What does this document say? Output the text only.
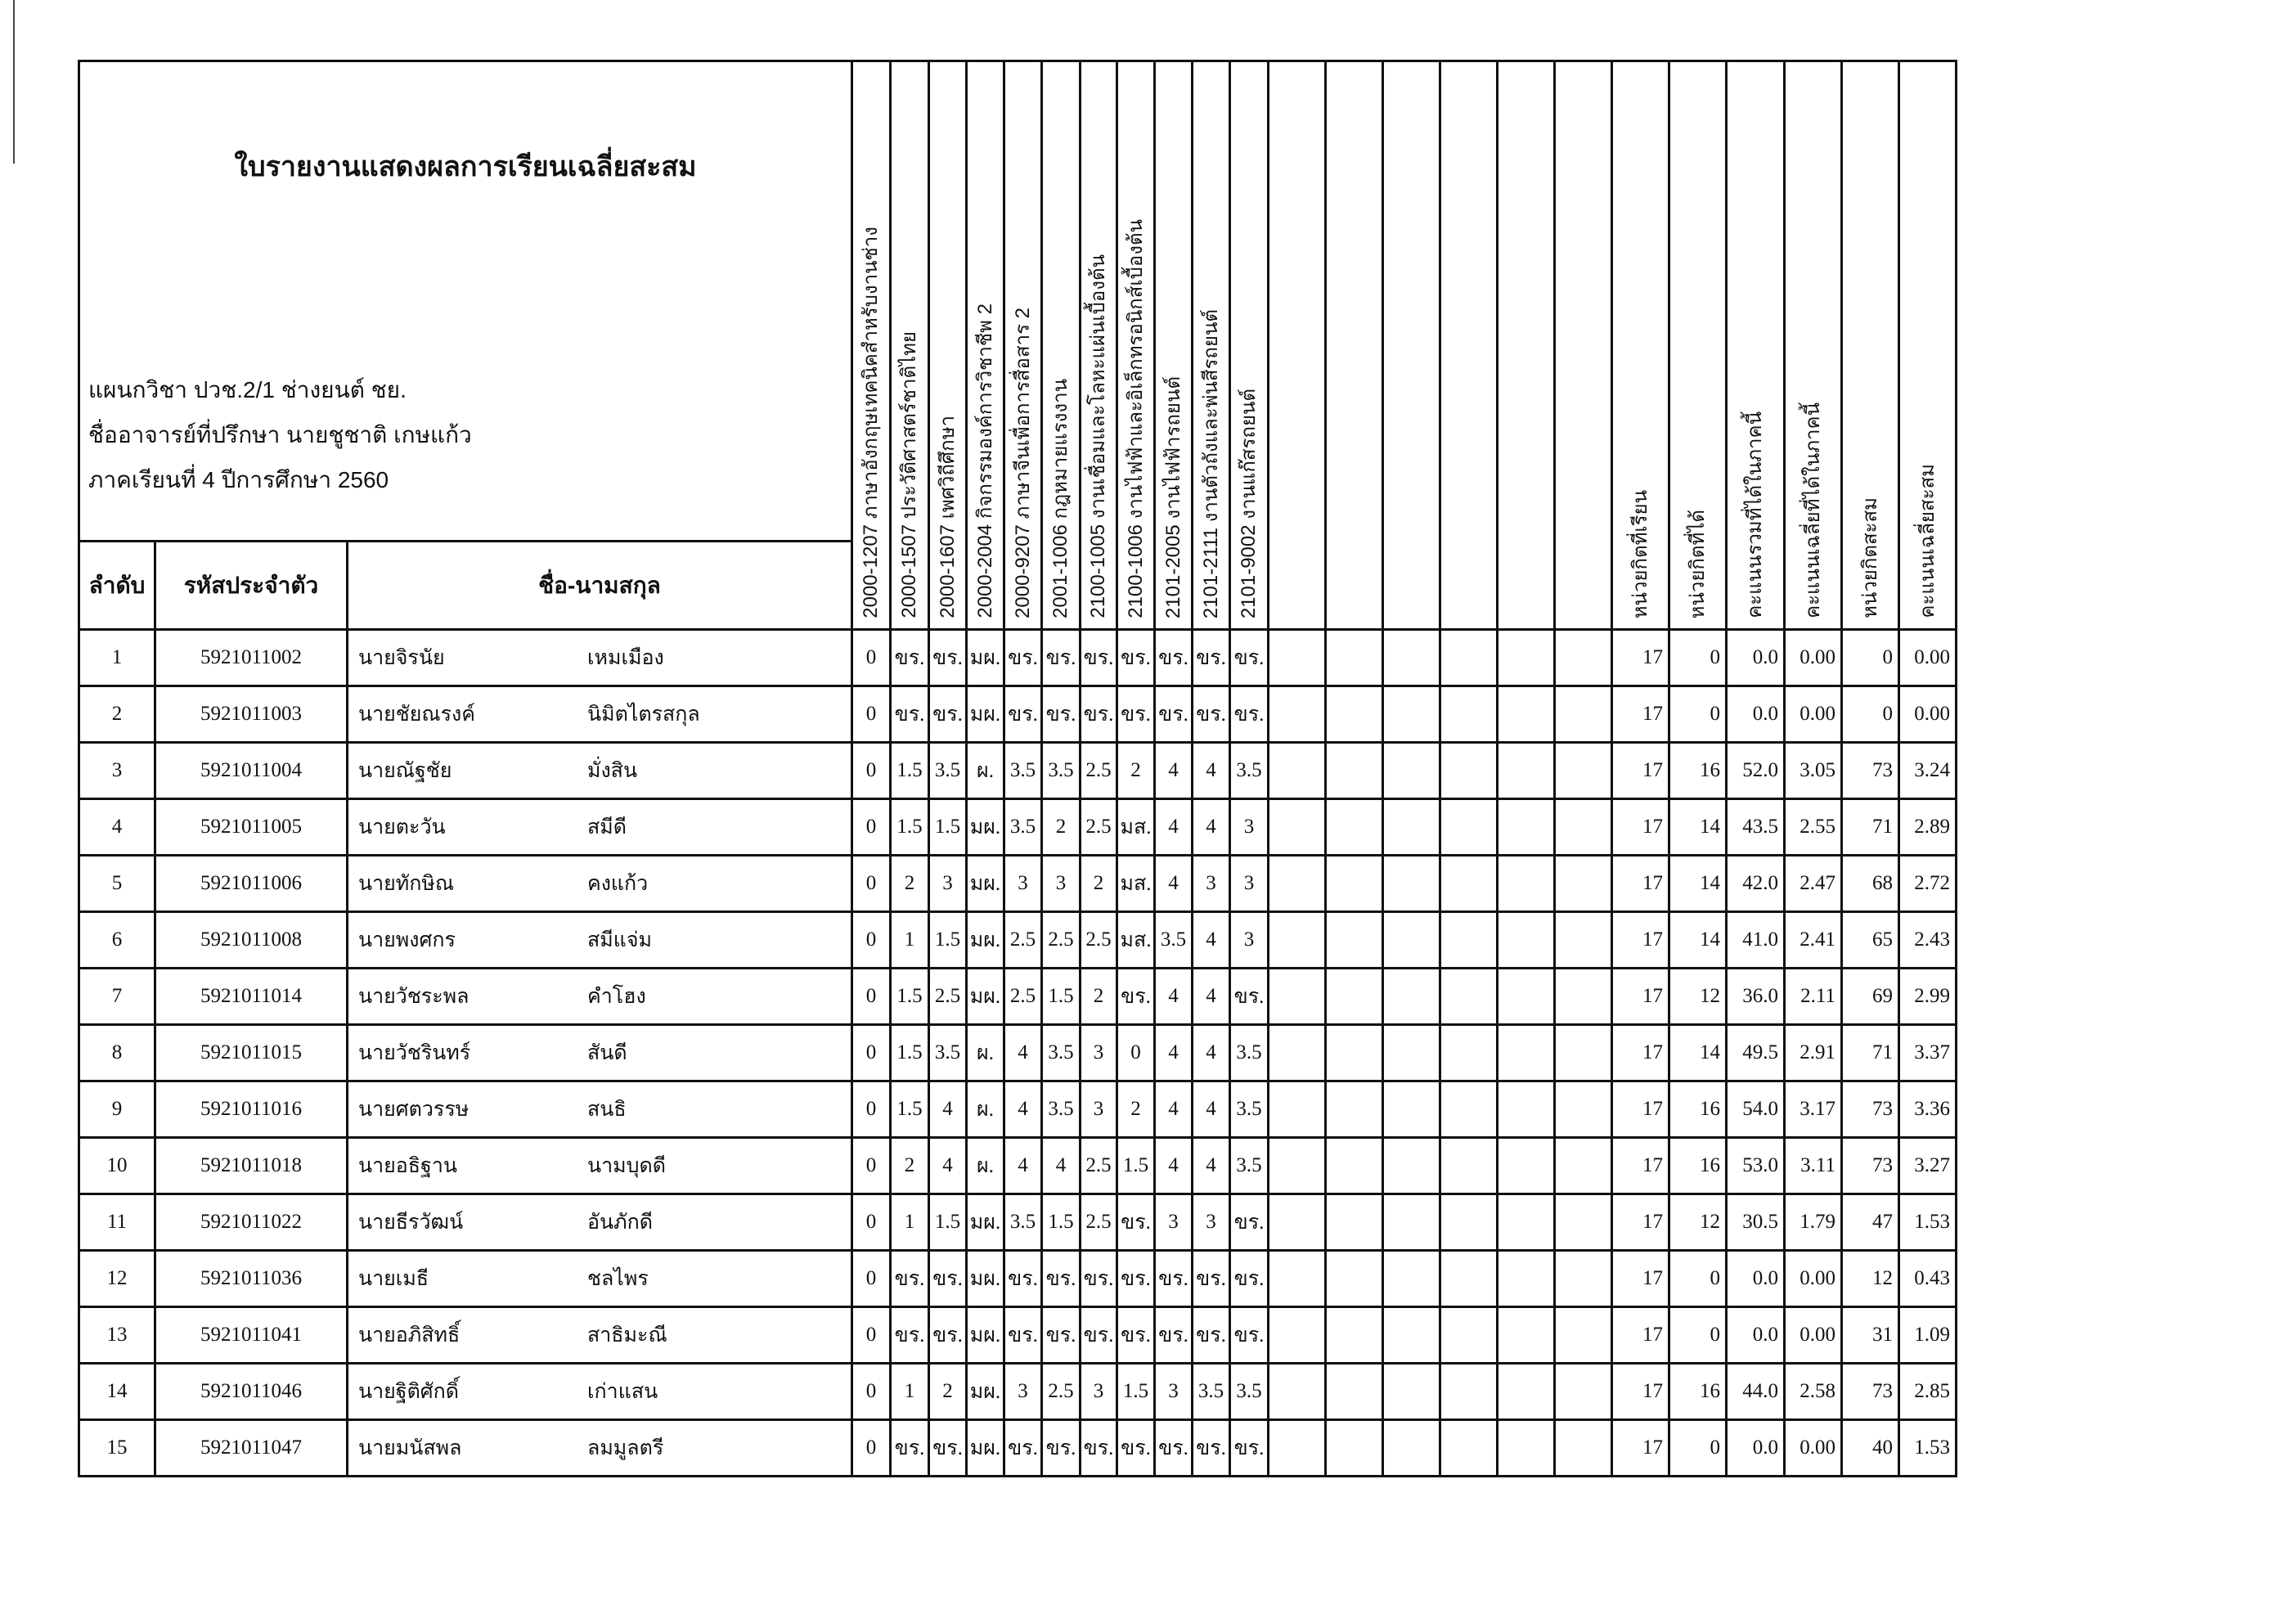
ใบรายงานแสดงผลการเรียนเฉลี่ยสะสม
แผนกวิชา ปวช.2/1 ช่างยนต์ ชย.
ชื่ออาจารย์ที่ปรึกษา นายชูชาติ เกษแก้ว
ภาคเรียนที่ 4 ปีการศึกษา 2560			2000-1207 ภาษาอังกฤษเทคนิคสำหรับงานช่าง	2000-1507 ประวัติศาสตร์ชาติไทย	2000-1607 เพศวิถีศึกษา	2000-2004 กิจกรรมองค์การวิชาชีพ 2	2000-9207 ภาษาจีนเพื่อการสื่อสาร 2	2001-1006 กฎหมายแรงงาน	2100-1005 งานเชื่อมและโลหะแผ่นเบื้องต้น	2100-1006 งานไฟฟ้าและอิเล็กทรอนิกส์เบื้องต้น	2101-2005 งานไฟฟ้ารถยนต์	2101-2111 งานตัวถังและพ่นสีรถยนต์	2101-9002 งานแก๊สรถยนต์							หน่วยกิตที่เรียน	หน่วยกิตที่ได้	คะแนนรวมที่ได้ในภาคนี้	คะแนนเฉลี่ยที่ได้ในภาคนี้	หน่วยกิตสะสม	คะแนนเฉลี่ยสะสม

ลำดับ	รหัสประจำตัว	ชื่อ-นามสกุล																							
1	5921011002	นายจิรนัย เหมเมือง	0	ขร.	ขร.	มผ.	ขร.	ขร.	ขร.	ขร.	ขร.	ขร.	ขร.							17	0	0.0	0.00	0	0.00
2	5921011003	นายชัยณรงค์ นิมิตไตรสกุล	0	ขร.	ขร.	มผ.	ขร.	ขร.	ขร.	ขร.	ขร.	ขร.	ขร.							17	0	0.0	0.00	0	0.00
3	5921011004	นายณัฐชัย มั่งสิน	0	1.5	3.5	ผ.	3.5	3.5	2.5	2	4	4	3.5							17	16	52.0	3.05	73	3.24
4	5921011005	นายตะวัน สมีดี	0	1.5	1.5	มผ.	3.5	2	2.5	มส.	4	4	3							17	14	43.5	2.55	71	2.89
5	5921011006	นายทักษิณ คงแก้ว	0	2	3	มผ.	3	3	2	มส.	4	3	3							17	14	42.0	2.47	68	2.72
6	5921011008	นายพงศกร สมีแจ่ม	0	1	1.5	มผ.	2.5	2.5	2.5	มส.	3.5	4	3							17	14	41.0	2.41	65	2.43
7	5921011014	นายวัชระพล คำโฮง	0	1.5	2.5	มผ.	2.5	1.5	2	ขร.	4	4	ขร.							17	12	36.0	2.11	69	2.99
8	5921011015	นายวัชรินทร์ สันดี	0	1.5	3.5	ผ.	4	3.5	3	0	4	4	3.5							17	14	49.5	2.91	71	3.37
9	5921011016	นายศตวรรษ สนธิ	0	1.5	4	ผ.	4	3.5	3	2	4	4	3.5							17	16	54.0	3.17	73	3.36
10	5921011018	นายอธิฐาน นามบุดดี	0	2	4	ผ.	4	4	2.5	1.5	4	4	3.5							17	16	53.0	3.11	73	3.27
11	5921011022	นายธีรวัฒน์ อันภักดี	0	1	1.5	มผ.	3.5	1.5	2.5	ขร.	3	3	ขร.							17	12	30.5	1.79	47	1.53
12	5921011036	นายเมธี ชลไพร	0	ขร.	ขร.	มผ.	ขร.	ขร.	ขร.	ขร.	ขร.	ขร.	ขร.							17	0	0.0	0.00	12	0.43
13	5921011041	นายอภิสิทธิ์ สาธิมะณี	0	ขร.	ขร.	มผ.	ขร.	ขร.	ขร.	ขร.	ขร.	ขร.	ขร.							17	0	0.0	0.00	31	1.09
14	5921011046	นายฐิติศักดิ์ เก่าแสน	0	1	2	มผ.	3	2.5	3	1.5	3	3.5	3.5							17	16	44.0	2.58	73	2.85
15	5921011047	นายมนัสพล ลมมูลตรี	0	ขร.	ขร.	มผ.	ขร.	ขร.	ขร.	ขร.	ขร.	ขร.	ขร.							17	0	0.0	0.00	40	1.53
